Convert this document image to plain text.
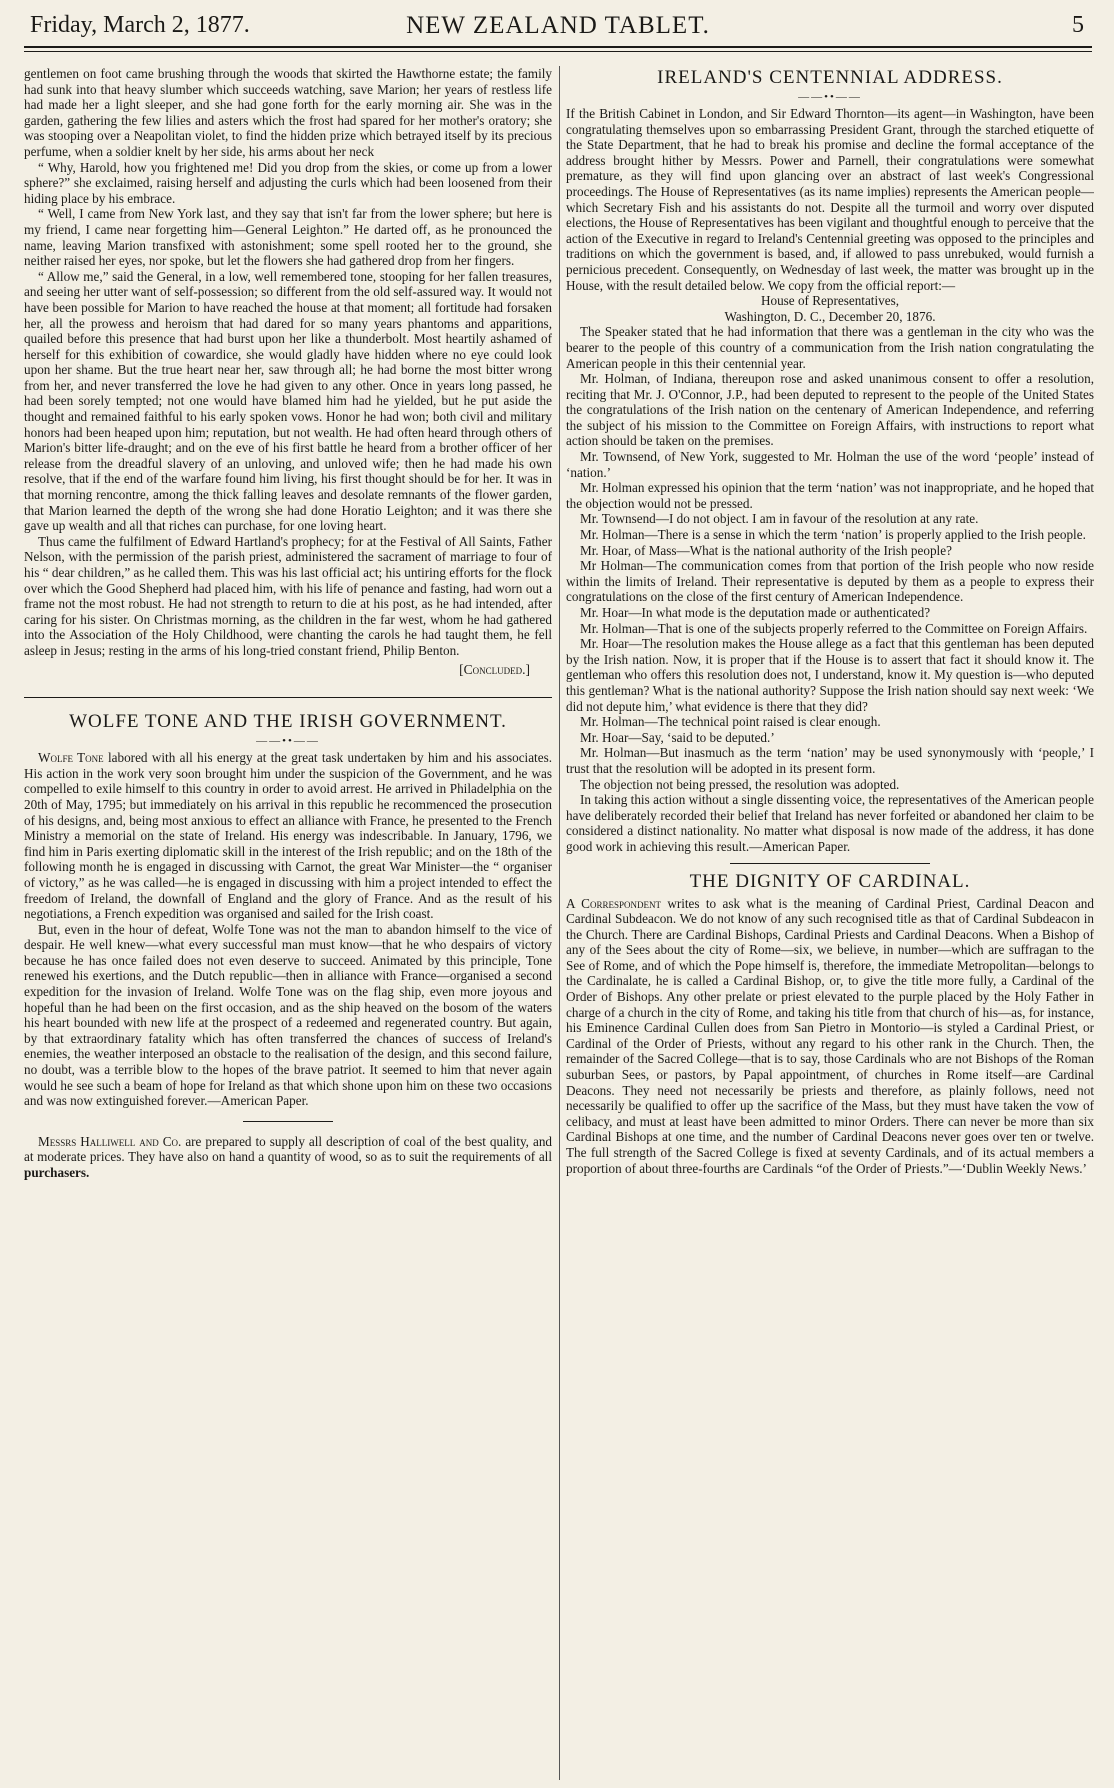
Friday, March 2, 1877.	NEW ZEALAND TABLET.	5

gentlemen on foot came brushing through the woods that skirted the Hawthorne estate; the family had sunk into that heavy slumber which succeeds watching, save Marion; her years of restless life had made her a light sleeper, and she had gone forth for the early morning air. She was in the garden, gathering the few lilies and asters which the frost had spared for her mother's oratory; she was stooping over a Neapolitan violet, to find the hidden prize which betrayed itself by its precious perfume, when a soldier knelt by her side, his arms about her neck

“ Why, Harold, how you frightened me! Did you drop from the skies, or come up from a lower sphere?” she exclaimed, raising herself and adjusting the curls which had been loosened from their hiding place by his embrace.

“ Well, I came from New York last, and they say that isn't far from the lower sphere; but here is my friend, I came near forgetting him—General Leighton.” He darted off, as he pronounced the name, leaving Marion transfixed with astonishment; some spell rooted her to the ground, she neither raised her eyes, nor spoke, but let the flowers she had gathered drop from her fingers.

“ Allow me,” said the General, in a low, well remembered tone, stooping for her fallen treasures, and seeing her utter want of self-possession; so different from the old self-assured way. It would not have been possible for Marion to have reached the house at that moment; all fortitude had forsaken her, all the prowess and heroism that had dared for so many years phantoms and apparitions, quailed before this presence that had burst upon her like a thunderbolt. Most heartily ashamed of herself for this exhibition of cowardice, she would gladly have hidden where no eye could look upon her shame. But the true heart near her, saw through all; he had borne the most bitter wrong from her, and never transferred the love he had given to any other. Once in years long passed, he had been sorely tempted; not one would have blamed him had he yielded, but he put aside the thought and remained faithful to his early spoken vows. Honor he had won; both civil and military honors had been heaped upon him; reputation, but not wealth. He had often heard through others of Marion's bitter life-draught; and on the eve of his first battle he heard from a brother officer of her release from the dreadful slavery of an unloving, and unloved wife; then he had made his own resolve, that if the end of the warfare found him living, his first thought should be for her. It was in that morning rencontre, among the thick falling leaves and desolate remnants of the flower garden, that Marion learned the depth of the wrong she had done Horatio Leighton; and it was there she gave up wealth and all that riches can purchase, for one loving heart.

Thus came the fulfilment of Edward Hartland's prophecy; for at the Festival of All Saints, Father Nelson, with the permission of the parish priest, administered the sacrament of marriage to four of his “ dear children,” as he called them. This was his last official act; his untiring efforts for the flock over which the Good Shepherd had placed him, with his life of penance and fasting, had worn out a frame not the most robust. He had not strength to return to die at his post, as he had intended, after caring for his sister. On Christmas morning, as the children in the far west, whom he had gathered into the Association of the Holy Childhood, were chanting the carols he had taught them, he fell asleep in Jesus; resting in the arms of his long-tried constant friend, Philip Benton.

[Concluded.]

WOLFE TONE AND THE IRISH GOVERNMENT.
——••——

Wolfe Tone labored with all his energy at the great task undertaken by him and his associates. His action in the work very soon brought him under the suspicion of the Government, and he was compelled to exile himself to this country in order to avoid arrest. He arrived in Philadelphia on the 20th of May, 1795; but immediately on his arrival in this republic he recommenced the prosecution of his designs, and, being most anxious to effect an alliance with France, he presented to the French Ministry a memorial on the state of Ireland. His energy was indescribable. In January, 1796, we find him in Paris exerting diplomatic skill in the interest of the Irish republic; and on the 18th of the following month he is engaged in discussing with Carnot, the great War Minister—the “ organiser of victory,” as he was called—he is engaged in discussing with him a project intended to effect the freedom of Ireland, the downfall of England and the glory of France. And as the result of his negotiations, a French expedition was organised and sailed for the Irish coast.

But, even in the hour of defeat, Wolfe Tone was not the man to abandon himself to the vice of despair. He well knew—what every successful man must know—that he who despairs of victory because he has once failed does not even deserve to succeed. Animated by this principle, Tone renewed his exertions, and the Dutch republic—then in alliance with France—organised a second expedition for the invasion of Ireland. Wolfe Tone was on the flag ship, even more joyous and hopeful than he had been on the first occasion, and as the ship heaved on the bosom of the waters his heart bounded with new life at the prospect of a redeemed and regenerated country. But again, by that extraordinary fatality which has often transferred the chances of success of Ireland's enemies, the weather interposed an obstacle to the realisation of the design, and this second failure, no doubt, was a terrible blow to the hopes of the brave patriot. It seemed to him that never again would he see such a beam of hope for Ireland as that which shone upon him on these two occasions and was now extinguished forever.—American Paper.

Messrs Halliwell and Co. are prepared to supply all description of coal of the best quality, and at moderate prices. They have also on hand a quantity of wood, so as to suit the requirements of all purchasers.

IRELAND'S CENTENNIAL ADDRESS.
——••——

If the British Cabinet in London, and Sir Edward Thornton—its agent—in Washington, have been congratulating themselves upon so embarrassing President Grant, through the starched etiquette of the State Department, that he had to break his promise and decline the formal acceptance of the address brought hither by Messrs. Power and Parnell, their congratulations were somewhat premature, as they will find upon glancing over an abstract of last week's Congressional proceedings. The House of Representatives (as its name implies) represents the American people—which Secretary Fish and his assistants do not. Despite all the turmoil and worry over disputed elections, the House of Representatives has been vigilant and thoughtful enough to perceive that the action of the Executive in regard to Ireland's Centennial greeting was opposed to the principles and traditions on which the government is based, and, if allowed to pass unrebuked, would furnish a pernicious precedent. Consequently, on Wednesday of last week, the matter was brought up in the House, with the result detailed below. We copy from the official report:—

House of Representatives,

Washington, D. C., December 20, 1876.

The Speaker stated that he had information that there was a gentleman in the city who was the bearer to the people of this country of a communication from the Irish nation congratulating the American people in this their centennial year.

Mr. Holman, of Indiana, thereupon rose and asked unanimous consent to offer a resolution, reciting that Mr. J. O'Connor, J.P., had been deputed to represent to the people of the United States the congratulations of the Irish nation on the centenary of American Independence, and referring the subject of his mission to the Committee on Foreign Affairs, with instructions to report what action should be taken on the premises.

Mr. Townsend, of New York, suggested to Mr. Holman the use of the word ‘people’ instead of ‘nation.’

Mr. Holman expressed his opinion that the term ‘nation’ was not inappropriate, and he hoped that the objection would not be pressed.

Mr. Townsend—I do not object. I am in favour of the resolution at any rate.

Mr. Holman—There is a sense in which the term ‘nation’ is properly applied to the Irish people.

Mr. Hoar, of Mass—What is the national authority of the Irish people?

Mr Holman—The communication comes from that portion of the Irish people who now reside within the limits of Ireland. Their representative is deputed by them as a people to express their congratulations on the close of the first century of American Independence.

Mr. Hoar—In what mode is the deputation made or authenticated?

Mr. Holman—That is one of the subjects properly referred to the Committee on Foreign Affairs.

Mr. Hoar—The resolution makes the House allege as a fact that this gentleman has been deputed by the Irish nation. Now, it is proper that if the House is to assert that fact it should know it. The gentleman who offers this resolution does not, I understand, know it. My question is—who deputed this gentleman? What is the national authority? Suppose the Irish nation should say next week: ‘We did not depute him,’ what evidence is there that they did?

Mr. Holman—The technical point raised is clear enough.

Mr. Hoar—Say, ‘said to be deputed.’

Mr. Holman—But inasmuch as the term ‘nation’ may be used synonymously with ‘people,’ I trust that the resolution will be adopted in its present form.

The objection not being pressed, the resolution was adopted.

In taking this action without a single dissenting voice, the representatives of the American people have deliberately recorded their belief that Ireland has never forfeited or abandoned her claim to be considered a distinct nationality. No matter what disposal is now made of the address, it has done good work in achieving this result.—American Paper.

THE DIGNITY OF CARDINAL.

A Correspondent writes to ask what is the meaning of Cardinal Priest, Cardinal Deacon and Cardinal Subdeacon. We do not know of any such recognised title as that of Cardinal Subdeacon in the Church. There are Cardinal Bishops, Cardinal Priests and Cardinal Deacons. When a Bishop of any of the Sees about the city of Rome—six, we believe, in number—which are suffragan to the See of Rome, and of which the Pope himself is, therefore, the immediate Metropolitan—belongs to the Cardinalate, he is called a Cardinal Bishop, or, to give the title more fully, a Cardinal of the Order of Bishops. Any other prelate or priest elevated to the purple placed by the Holy Father in charge of a church in the city of Rome, and taking his title from that church of his—as, for instance, his Eminence Cardinal Cullen does from San Pietro in Montorio—is styled a Cardinal Priest, or Cardinal of the Order of Priests, without any regard to his other rank in the Church. Then, the remainder of the Sacred College—that is to say, those Cardinals who are not Bishops of the Roman suburban Sees, or pastors, by Papal appointment, of churches in Rome itself—are Cardinal Deacons. They need not necessarily be priests and therefore, as plainly follows, need not necessarily be qualified to offer up the sacrifice of the Mass, but they must have taken the vow of celibacy, and must at least have been admitted to minor Orders. There can never be more than six Cardinal Bishops at one time, and the number of Cardinal Deacons never goes over ten or twelve. The full strength of the Sacred College is fixed at seventy Cardinals, and of its actual members a proportion of about three-fourths are Cardinals “of the Order of Priests.”—‘Dublin Weekly News.’
